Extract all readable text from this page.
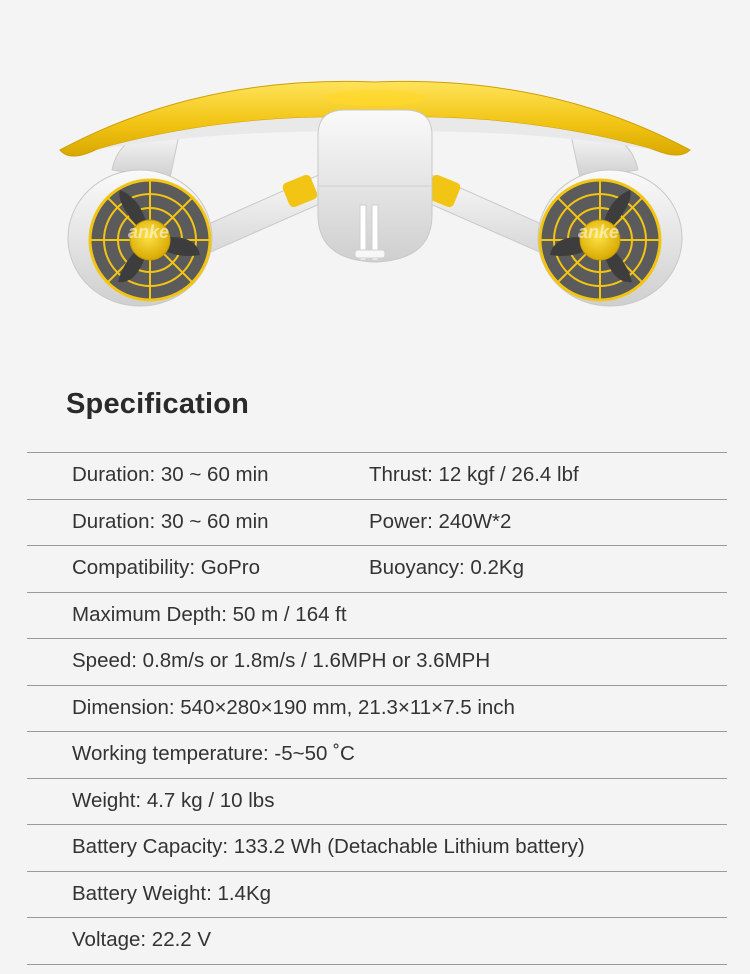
anke	anke
Specification
Duration: 30 ~ 60 min	Thrust: 12 kgf / 26.4 lbf
Duration: 30 ~ 60 min	Power: 240W*2
Compatibility: GoPro	Buoyancy: 0.2Kg
Maximum Depth: 50 m / 164 ft
Speed: 0.8m/s or 1.8m/s / 1.6MPH or 3.6MPH
Dimension: 540×280×190 mm, 21.3×11×7.5 inch
Working temperature: -5~50 ˚C
Weight: 4.7 kg / 10 lbs
Battery Capacity: 133.2 Wh (Detachable Lithium battery)
Battery Weight: 1.4Kg
Voltage: 22.2 V
